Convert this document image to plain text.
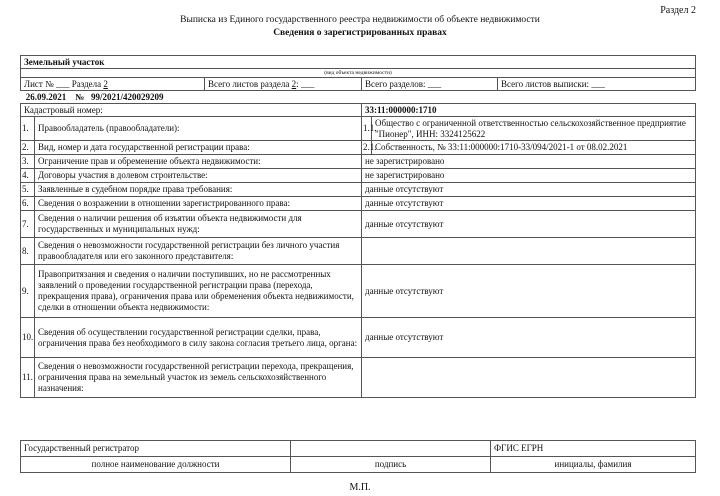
Раздел 2
Выписка из Единого государственного реестра недвижимости об объекте недвижимости
Сведения о зарегистрированных правах
Земельный участок					
(вид объекта недвижимости)					
Лист № ___ Раздела 2		Всего листов раздела 2: ___	Всего разделов: ___		Всего листов выписки: ___
26.09.2021 № 99/2021/420029209					
Кадастровый номер:			33:11:000000:1710		
1.	Правообладатель (правообладатели):		1.1.	Общество с ограниченной ответственностью сельскохозяйственное предприятие "Пионер", ИНН: 3324125622	
2.	Вид, номер и дата государственной регистрации права:		2.1.	Собственность, № 33:11:000000:1710-33/094/2021-1 от 08.02.2021	
3.	Ограничение прав и обременение объекта недвижимости:		не зарегистрировано		
4.	Договоры участия в долевом строительстве:		не зарегистрировано		
5.	Заявленные в судебном порядке права требования:		данные отсутствуют		
6.	Сведения о возражении в отношении зарегистрированного права:		данные отсутствуют		
7.	Сведения о наличии решения об изъятии объекта недвижимости для государственных и муниципальных нужд:		данные отсутствуют		
8.	Сведения о невозможности государственной регистрации без личного участия правообладателя или его законного представителя:				
9.	Правопритязания и сведения о наличии поступивших, но не рассмотренных заявлений о проведении государственной регистрации права (перехода, прекращения права), ограничения права или обременения объекта недвижимости, сделки в отношении объекта недвижимости:		данные отсутствуют		
10.	Сведения об осуществлении государственной регистрации сделки, права, ограничения права без необходимого в силу закона согласия третьего лица, органа:		данные отсутствуют		
11.	Сведения о невозможности государственной регистрации перехода, прекращения, ограничения права на земельный участок из земель сельскохозяйственного назначения:				
Государственный регистратор		ФГИС ЕГРН
полное наименование должности	подпись	инициалы, фамилия
М.П.
